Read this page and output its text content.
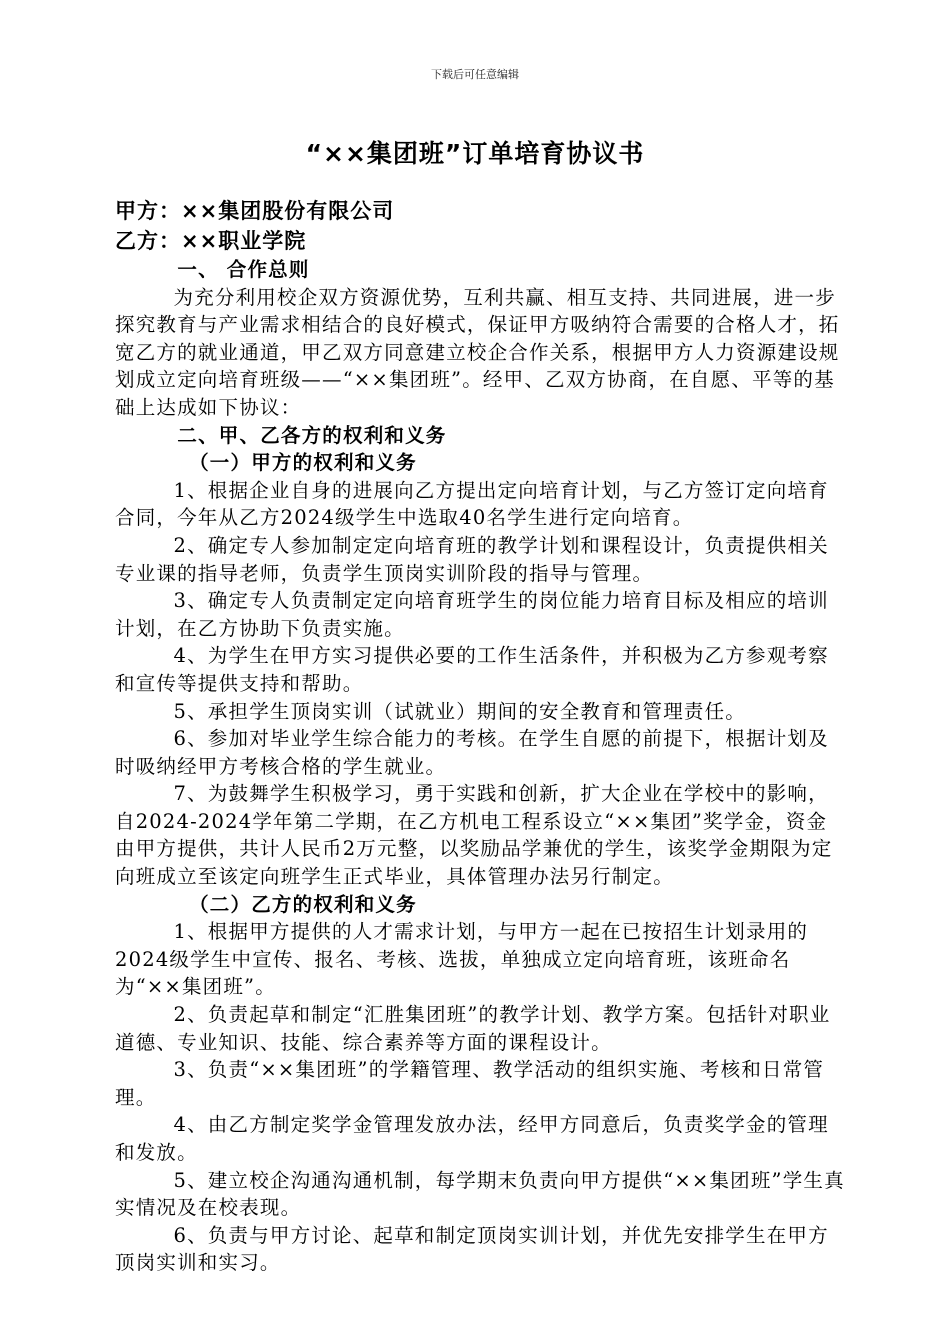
下载后可任意编辑
“××集团班”订单培育协议书

甲方：××集团股份有限公司

乙方：××职业学院

一、 合作总则

为充分利用校企双方资源优势，互利共赢、相互支持、共同进展，进一步探究教育与产业需求相结合的良好模式，保证甲方吸纳符合需要的合格人才，拓宽乙方的就业通道，甲乙双方同意建立校企合作关系，根据甲方人力资源建设规划成立定向培育班级——“××集团班”。经甲、乙双方协商，在自愿、平等的基础上达成如下协议：

二、甲、乙各方的权利和义务

（一）甲方的权利和义务

1、根据企业自身的进展向乙方提出定向培育计划，与乙方签订定向培育合同，今年从乙方2024级学生中选取40名学生进行定向培育。

2、确定专人参加制定定向培育班的教学计划和课程设计，负责提供相关专业课的指导老师，负责学生顶岗实训阶段的指导与管理。

3、确定专人负责制定定向培育班学生的岗位能力培育目标及相应的培训计划，在乙方协助下负责实施。

4、为学生在甲方实习提供必要的工作生活条件，并积极为乙方参观考察和宣传等提供支持和帮助。

5、承担学生顶岗实训（试就业）期间的安全教育和管理责任。

6、参加对毕业学生综合能力的考核。在学生自愿的前提下，根据计划及时吸纳经甲方考核合格的学生就业。

7、为鼓舞学生积极学习，勇于实践和创新，扩大企业在学校中的影响，自2024-2024学年第二学期，在乙方机电工程系设立“××集团”奖学金，资金由甲方提供，共计人民币2万元整，以奖励品学兼优的学生，该奖学金期限为定向班成立至该定向班学生正式毕业，具体管理办法另行制定。

（二）乙方的权利和义务

1、根据甲方提供的人才需求计划，与甲方一起在已按招生计划录用的2024级学生中宣传、报名、考核、选拔，单独成立定向培育班，该班命名为“××集团班”。

2、负责起草和制定“汇胜集团班”的教学计划、教学方案。包括针对职业道德、专业知识、技能、综合素养等方面的课程设计。

3、负责“××集团班”的学籍管理、教学活动的组织实施、考核和日常管理。

4、由乙方制定奖学金管理发放办法，经甲方同意后，负责奖学金的管理和发放。

5、建立校企沟通沟通机制，每学期末负责向甲方提供“××集团班”学生真实情况及在校表现。

6、负责与甲方讨论、起草和制定顶岗实训计划，并优先安排学生在甲方顶岗实训和实习。
